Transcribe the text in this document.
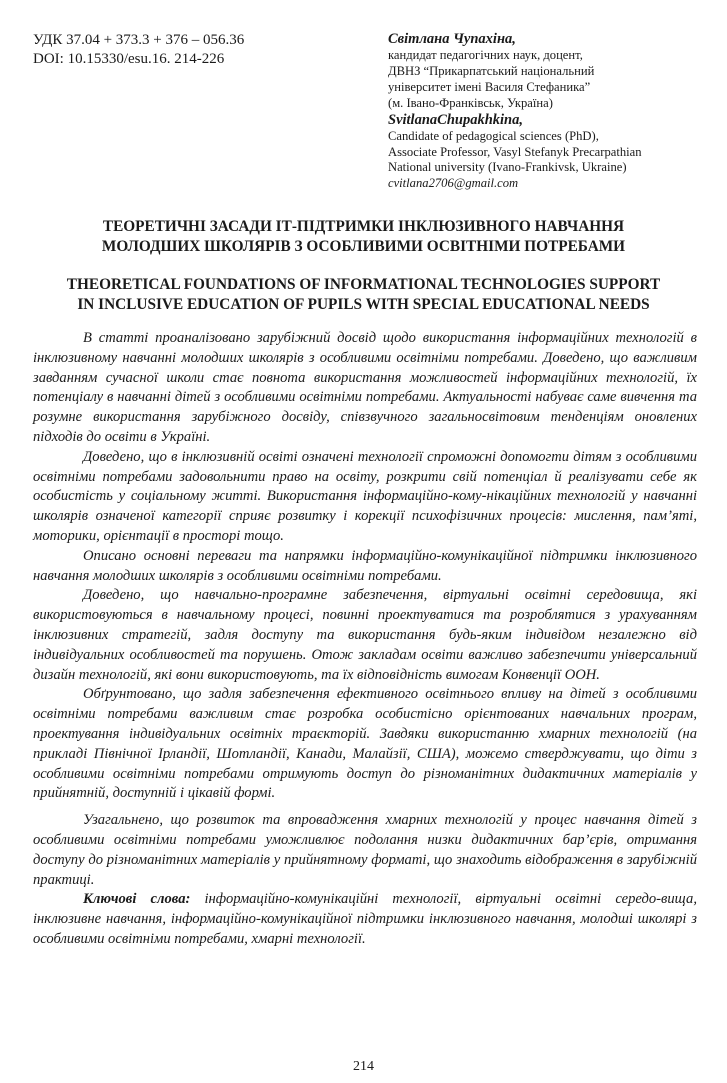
УДК 37.04 + 373.3 + 376 – 056.36
DOI: 10.15330/esu.16. 214-226
Світлана Чупахіна,
кандидат педагогічних наук, доцент,
ДВНЗ “Прикарпатський національний
університет імені Василя Стефаника”
(м. Івано-Франківськ, Україна)
SvitlanaChupakhkina,
Candidate of pedagogical sciences (PhD),
Associate Professor, Vasyl Stefanyk Precarpathian
National university (Ivano-Frankivsk, Ukraine)
cvitlana2706@gmail.com
ТЕОРЕТИЧНІ ЗАСАДИ ІТ-ПІДТРИМКИ ІНКЛЮЗИВНОГО НАВЧАННЯ
МОЛОДШИХ ШКОЛЯРІВ З ОСОБЛИВИМИ ОСВІТНІМИ ПОТРЕБАМИ
THEORETICAL FOUNDATIONS OF INFORMATIONAL TECHNOLOGIES SUPPORT
IN INCLUSIVE EDUCATION OF PUPILS WITH SPECIAL EDUCATIONAL NEEDS

В статті проаналізовано зарубіжний досвід щодо використання інформаційних технологій в інклюзивному навчанні молодших школярів з особливими освітніми потребами. Доведено, що важливим завданням сучасної школи стає повнота використання можливостей інформаційних технологій, їх потенціалу в навчанні дітей з особливими освітніми потребами. Актуальності набуває саме вивчення та розумне використання зарубіжного досвіду, співзвучного загальносвітовим тенденціям оновлених підходів до освіти в Україні.

Доведено, що в інклюзивній освіті означені технології спроможні допомогти дітям з особливими освітніми потребами задовольнити право на освіту, розкрити свій потенціал й реалізувати себе як особистість у соціальному житті. Використання інформаційно-кому-нікаційних технологій у навчанні школярів означеної категорії сприяє розвитку і корекції психофізичних процесів: мислення, пам’яті, моторики, орієнтації в просторі тощо.

Описано основні переваги та напрямки інформаційно-комунікаційної підтримки інклюзивного навчання молодших школярів з особливими освітніми потребами.

Доведено, що навчально-програмне забезпечення, віртуальні освітні середовища, які використовуються в навчальному процесі, повинні проектуватися та розроблятися з урахуванням інклюзивних стратегій, задля доступу та використання будь-яким індивідом незалежно від індивідуальних особливостей та порушень. Отож закладам освіти важливо забезпечити універсальний дизайн технологій, які вони використовують, та їх відповідність вимогам Конвенції ООН.

Обґрунтовано, що задля забезпечення ефективного освітнього впливу на дітей з особливими освітніми потребами важливим стає розробка особистісно орієнтованих навчальних програм, проектування індивідуальних освітніх траєкторій. Завдяки використанню хмарних технологій (на прикладі Північної Ірландії, Шотландії, Канади, Малайзії, США), можемо стверджувати, що діти з особливими освітніми потребами отримують доступ до різноманітних дидактичних матеріалів у прийнятній, доступній і цікавій формі.

Узагальнено, що розвиток та впровадження хмарних технологій у процес навчання дітей з особливими освітніми потребами уможливлює подолання низки дидактичних бар’єрів, отримання доступу до різноманітних матеріалів у прийнятному форматі, що знаходить відображення в зарубіжній практиці.

Ключові слова: інформаційно-комунікаційні технології, віртуальні освітні середо-вища, інклюзивне навчання, інформаційно-комунікаційної підтримки інклюзивного навчання, молодші школярі з особливими освітніми потребами, хмарні технології.

214
